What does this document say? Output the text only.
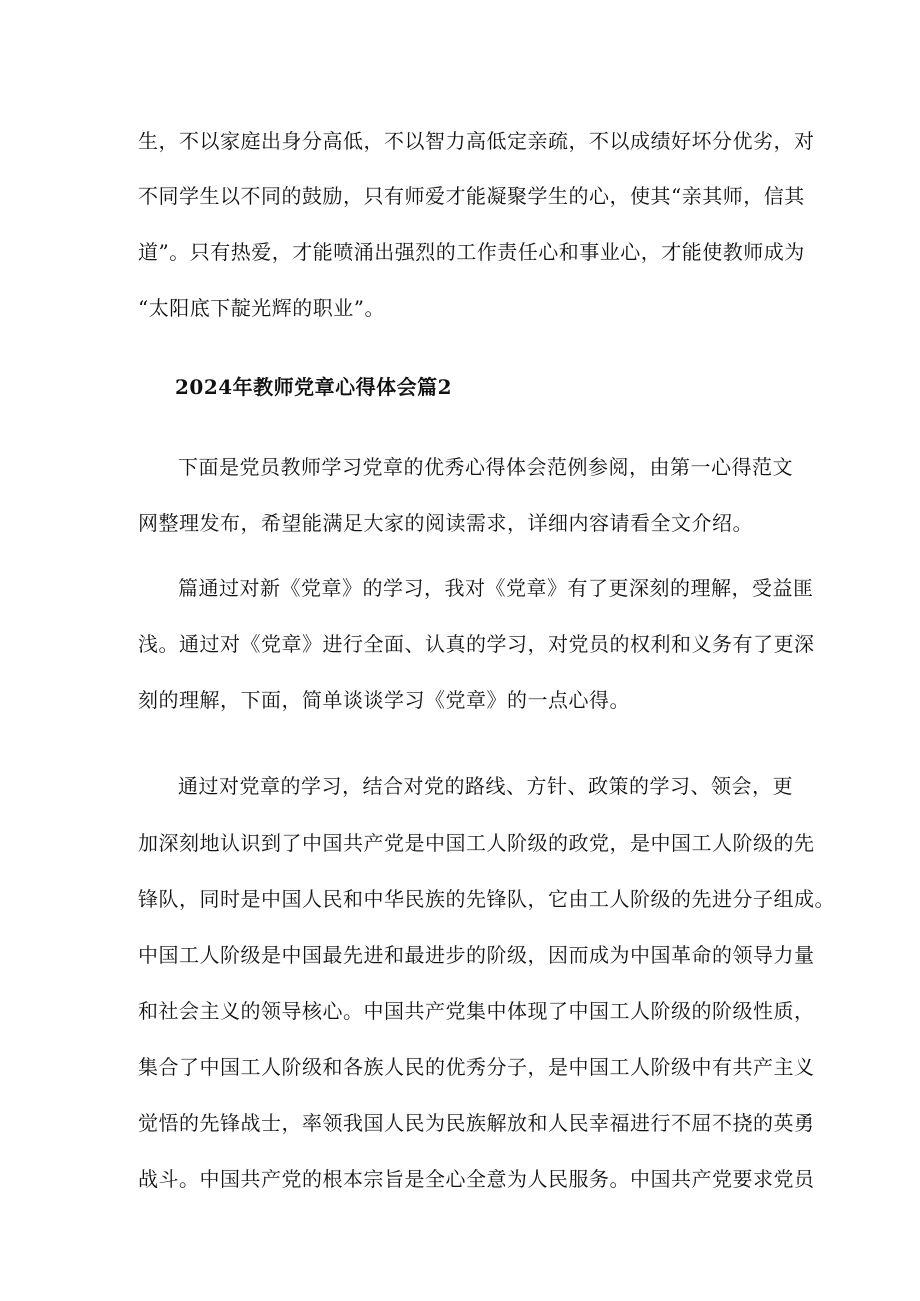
生，不以家庭出身分高低，不以智力高低定亲疏，不以成绩好坏分优劣，对
不同学生以不同的鼓励，只有师爱才能凝聚学生的心，使其“亲其师，信其
道”。只有热爱，才能喷涌出强烈的工作责任心和事业心，才能使教师成为
“太阳底下靛光辉的职业”。
2024年教师党章心得体会篇2
下面是党员教师学习党章的优秀心得体会范例参阅，由第一心得范文
网整理发布，希望能满足大家的阅读需求，详细内容请看全文介绍。
篇通过对新《党章》的学习，我对《党章》有了更深刻的理解，受益匪
浅。通过对《党章》进行全面、认真的学习，对党员的权利和义务有了更深
刻的理解，下面，简单谈谈学习《党章》的一点心得。
通过对党章的学习，结合对党的路线、方针、政策的学习、领会，更
加深刻地认识到了中国共产党是中国工人阶级的政党，是中国工人阶级的先
锋队，同时是中国人民和中华民族的先锋队，它由工人阶级的先进分子组成。
中国工人阶级是中国最先进和最进步的阶级，因而成为中国革命的领导力量
和社会主义的领导核心。中国共产党集中体现了中国工人阶级的阶级性质，
集合了中国工人阶级和各族人民的优秀分子，是中国工人阶级中有共产主义
觉悟的先锋战士，率领我国人民为民族解放和人民幸福进行不屈不挠的英勇
战斗。中国共产党的根本宗旨是全心全意为人民服务。中国共产党要求党员
